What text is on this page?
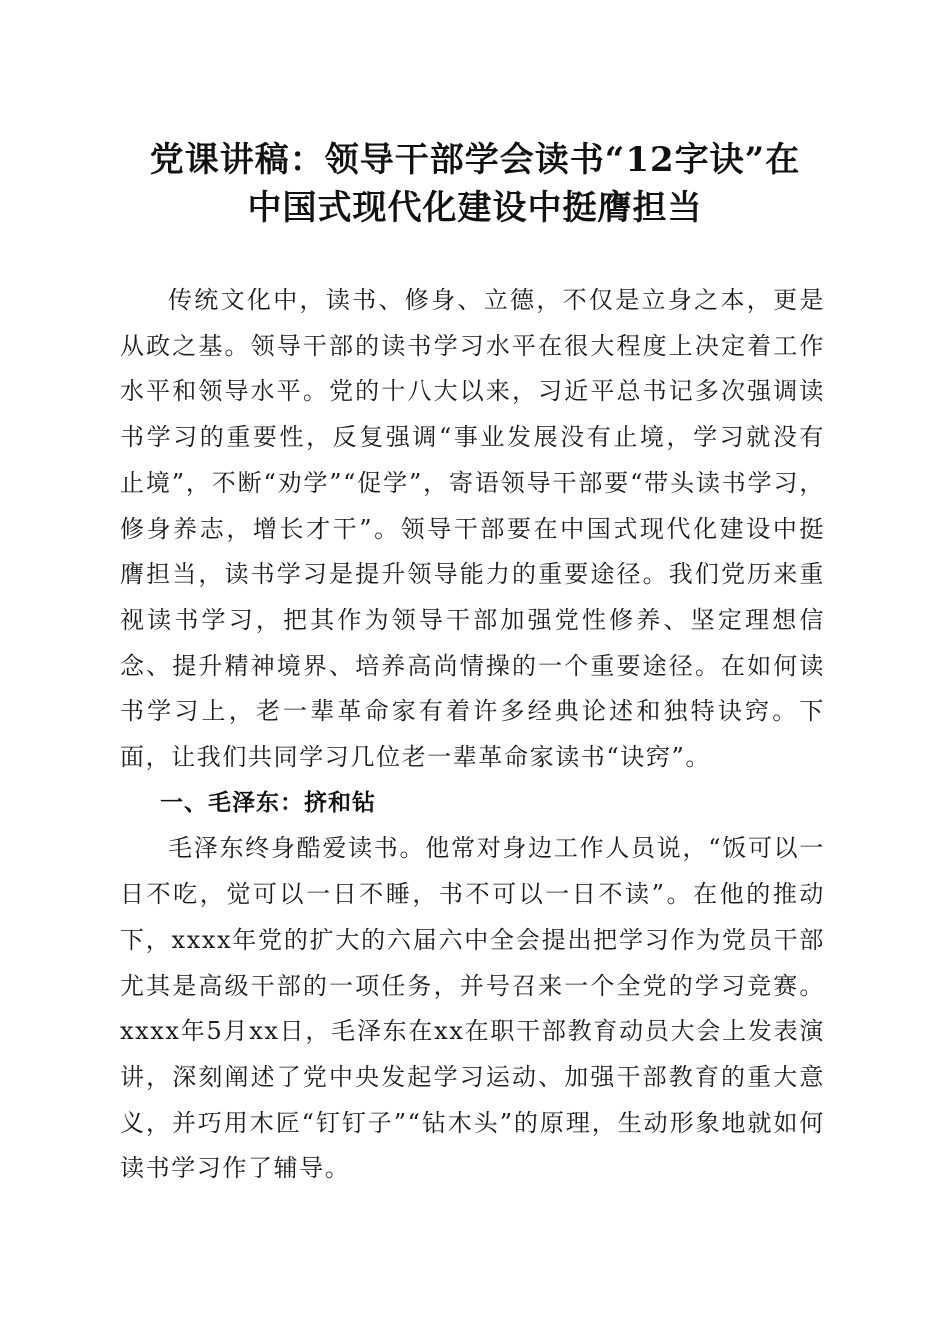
党课讲稿：领导干部学会读书“12字诀”在
中国式现代化建设中挺膺担当

传统文化中，读书、修身、立德，不仅是立身之本，更是从政之基。领导干部的读书学习水平在很大程度上决定着工作水平和领导水平。党的十八大以来，习近平总书记多次强调读书学习的重要性，反复强调“事业发展没有止境，学习就没有止境”，不断“劝学”“促学”，寄语领导干部要“带头读书学习，修身养志，增长才干”。领导干部要在中国式现代化建设中挺膺担当，读书学习是提升领导能力的重要途径。我们党历来重视读书学习，把其作为领导干部加强党性修养、坚定理想信念、提升精神境界、培养高尚情操的一个重要途径。在如何读书学习上，老一辈革命家有着许多经典论述和独特诀窍。下面，让我们共同学习几位老一辈革命家读书“诀窍”。

一、毛泽东：挤和钻

毛泽东终身酷爱读书。他常对身边工作人员说，“饭可以一日不吃，觉可以一日不睡，书不可以一日不读”。在他的推动下，xxxx年党的扩大的六届六中全会提出把学习作为党员干部尤其是高级干部的一项任务，并号召来一个全党的学习竞赛。xxxx年5月xx日，毛泽东在xx在职干部教育动员大会上发表演讲，深刻阐述了党中央发起学习运动、加强干部教育的重大意义，并巧用木匠“钉钉子”“钻木头”的原理，生动形象地就如何读书学习作了辅导。
